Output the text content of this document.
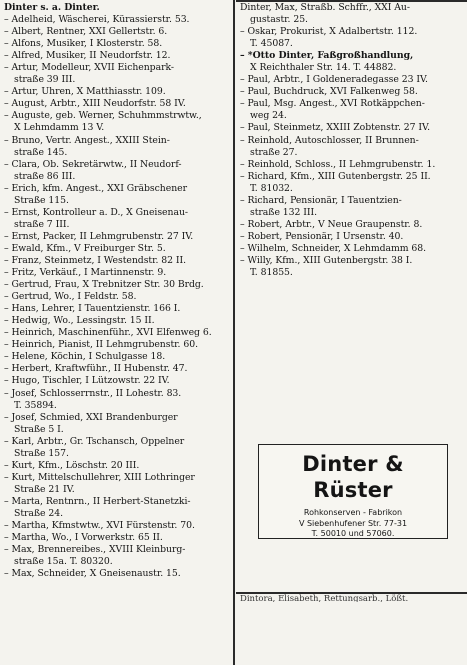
Dinter s. a. Dinter.
– Adelheid, Wäscherei, Kürassierstr. 53.
– Albert, Rentner, XXI Gellertstr. 6.
– Alfons, Musiker, I Klosterstr. 58.
– Alfred, Musiker, II Neudorfstr. 12.
– Artur, Modelleur, XVII Eichenpark-
straße 39 III.
– Artur, Uhren, X Matthiasstr. 109.
– August, Arbtr., XIII Neudorfstr. 58 IV.
– Auguste, geb. Werner, Schuhmmstrwtw.,
X Lehmdamm 13 V.
– Bruno, Vertr. Angest., XXIII Stein-
straße 145.
– Clara, Ob. Sekretärwtw., II Neudorf-
straße 86 III.
– Erich, kfm. Angest., XXI Gräbschener
Straße 115.
– Ernst, Kontrolleur a. D., X Gneisenau-
straße 7 III.
– Ernst, Packer, II Lehmgrubenstr. 27 IV.
– Ewald, Kfm., V Freiburger Str. 5.
– Franz, Steinmetz, I Westendstr. 82 II.
– Fritz, Verkäuf., I Martinnenstr. 9.
– Gertrud, Frau, X Trebnitzer Str. 30 Brdg.
– Gertrud, Wo., I Feldstr. 58.
– Hans, Lehrer, I Tauentzienstr. 166 I.
– Hedwig, Wo., Lessingstr. 15 II.
– Heinrich, Maschinenführ., XVI Elfenweg 6.
– Heinrich, Pianist, II Lehmgrubenstr. 60.
– Helene, Köchin, I Schulgasse 18.
– Herbert, Kraftwführ., II Hubenstr. 47.
– Hugo, Tischler, I Lützowstr. 22 IV.
– Josef, Schlosserrnstr., II Lohestr. 83.
T. 35894.
– Josef, Schmied, XXI Brandenburger
Straße 5 I.
– Karl, Arbtr., Gr. Tschansch, Oppelner
Straße 157.
– Kurt, Kfm., Löschstr. 20 III.
– Kurt, Mittelschullehrer, XIII Lothringer
Straße 21 IV.
– Marta, Rentnrn., II Herbert-Stanetzki-
Straße 24.
– Martha, Kfmstwtw., XVI Fürstenstr. 70.
– Martha, Wo., I Vorwerkstr. 65 II.
– Max, Brennereibes., XVIII Kleinburg-
straße 15a. T. 80320.
– Max, Schneider, X Gneisenaustr. 15.
Dinter, Max, Straßb. Schffr., XXI Au-
gustastr. 25.
– Oskar, Prokurist, X Adalbertstr. 112.
T. 45087.
– *Otto Dinter, Faßgroßhandlung,
X Reichthaler Str. 14. T. 44882.
– Paul, Arbtr., I Goldeneradegasse 23 IV.
– Paul, Buchdruck, XVI Falkenweg 58.
– Paul, Msg. Angest., XVI Rotkäppchen-
weg 24.
– Paul, Steinmetz, XXIII Zobtenstr. 27 IV.
– Reinhold, Autoschlosser, II Brunnen-
straße 27.
– Reinhold, Schloss., II Lehmgrubenstr. 1.
– Richard, Kfm., XIII Gutenbergstr. 25 II.
T. 81032.
– Richard, Pensionär, I Tauentzien-
straße 132 III.
– Robert, Arbtr., V Neue Graupenstr. 8.
– Robert, Pensionär, I Ursenstr. 40.
– Wilhelm, Schneider, X Lehmdamm 68.
– Willy, Kfm., XIII Gutenbergstr. 38 I.
T. 81855.
Dinter & Rüster
Rohkonserven - Fabrikon
V Siebenhufener Str. 77-31
T. 50010 und 57060.
Dintora, Elisabeth, Rettungsarb., Lößt.
